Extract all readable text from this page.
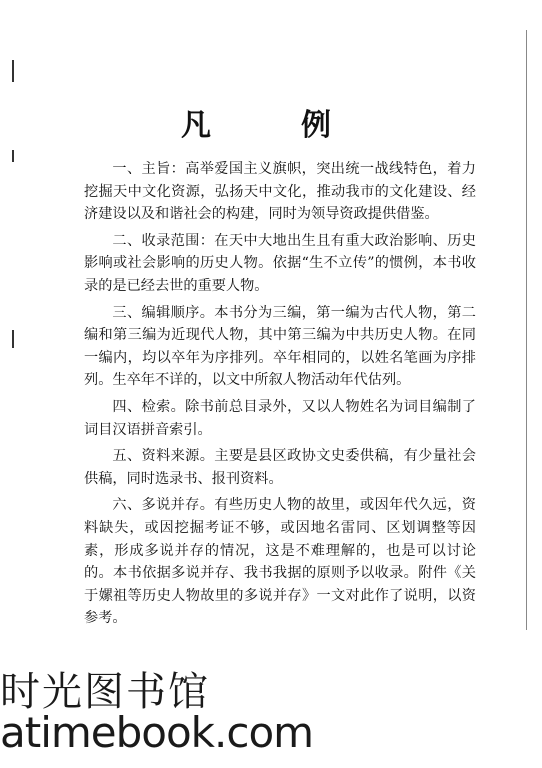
凡　例

一、主旨：高举爱国主义旗帜，突出统一战线特色，着力挖掘天中文化资源，弘扬天中文化，推动我市的文化建设、经济建设以及和谐社会的构建，同时为领导资政提供借鉴。

二、收录范围：在天中大地出生且有重大政治影响、历史影响或社会影响的历史人物。依据“生不立传”的惯例，本书收录的是已经去世的重要人物。

三、编辑顺序。本书分为三编，第一编为古代人物，第二编和第三编为近现代人物，其中第三编为中共历史人物。在同一编内，均以卒年为序排列。卒年相同的，以姓名笔画为序排列。生卒年不详的，以文中所叙人物活动年代估列。

四、检索。除书前总目录外，又以人物姓名为词目编制了词目汉语拼音索引。

五、资料来源。主要是县区政协文史委供稿，有少量社会供稿，同时选录书、报刊资料。

六、多说并存。有些历史人物的故里，或因年代久远，资料缺失，或因挖掘考证不够，或因地名雷同、区划调整等因素，形成多说并存的情况，这是不难理解的，也是可以讨论的。本书依据多说并存、我书我据的原则予以收录。附件《关于嫘祖等历史人物故里的多说并存》一文对此作了说明，以资参考。

时光图书馆
atimebook.com
